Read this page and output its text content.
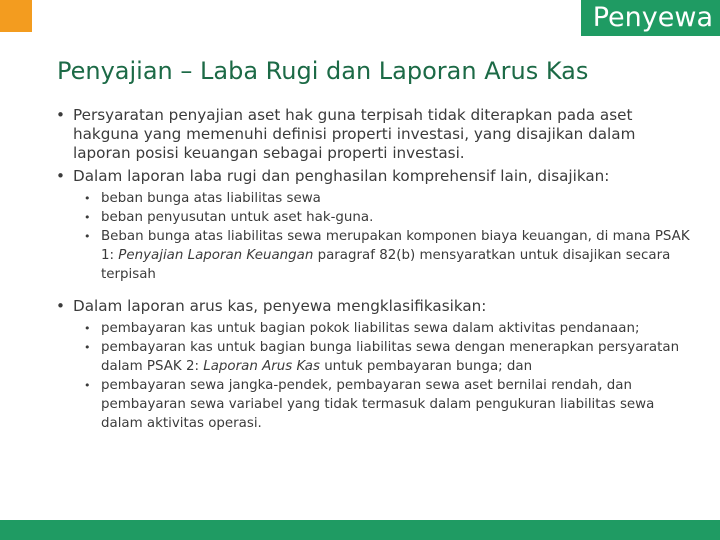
Penyewa
Penyajian – Laba Rugi dan Laporan Arus Kas
• Persyaratan penyajian aset hak guna terpisah tidak diterapkan pada aset hakguna yang memenuhi definisi properti investasi, yang disajikan dalam laporan posisi keuangan sebagai properti investasi.
• Dalam laporan laba rugi dan penghasilan komprehensif lain, disajikan:
• beban bunga atas liabilitas sewa
• beban penyusutan untuk aset hak-guna.
• Beban bunga atas liabilitas sewa merupakan komponen biaya keuangan, di mana PSAK 1: Penyajian Laporan Keuangan paragraf 82(b) mensyaratkan untuk disajikan secara terpisah
• Dalam laporan arus kas, penyewa mengklasifikasikan:
• pembayaran kas untuk bagian pokok liabilitas sewa dalam aktivitas pendanaan;
• pembayaran kas untuk bagian bunga liabilitas sewa dengan menerapkan persyaratan dalam PSAK 2: Laporan Arus Kas untuk pembayaran bunga; dan
• pembayaran sewa jangka-pendek, pembayaran sewa aset bernilai rendah, dan pembayaran sewa variabel yang tidak termasuk dalam pengukuran liabilitas sewa dalam aktivitas operasi.
